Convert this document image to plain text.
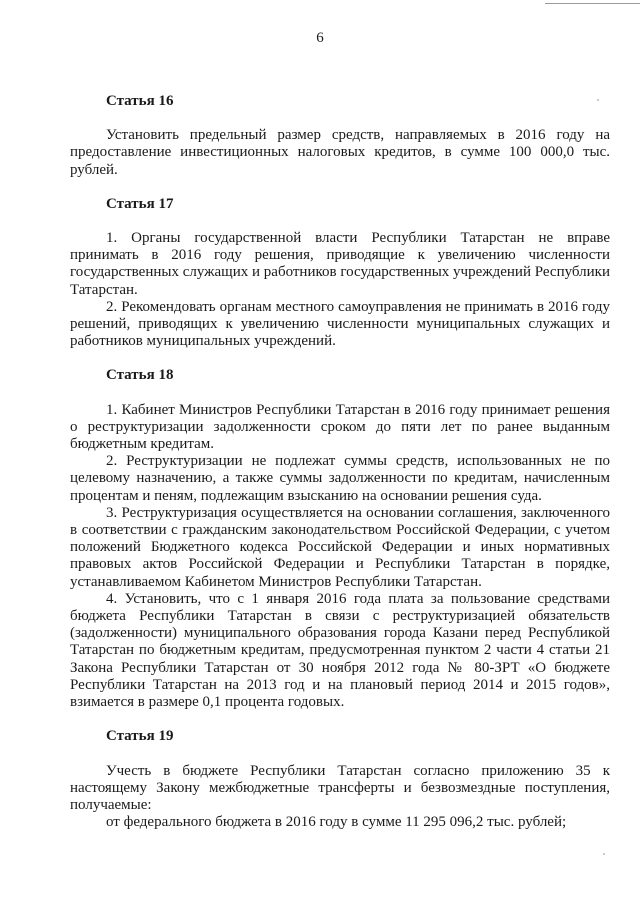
6

Статья 16

Установить предельный размер средств, направляемых в 2016 году на предоставление инвестиционных налоговых кредитов, в сумме 100 000,0 тыс. рублей.

Статья 17

1. Органы государственной власти Республики Татарстан не вправе принимать в 2016 году решения, приводящие к увеличению численности государственных служащих и работников государственных учреждений Республики Татарстан.

2. Рекомендовать органам местного самоуправления не принимать в 2016 году решений, приводящих к увеличению численности муниципальных служащих и работников муниципальных учреждений.

Статья 18

1. Кабинет Министров Республики Татарстан в 2016 году принимает решения о реструктуризации задолженности сроком до пяти лет по ранее выданным бюджетным кредитам.

2. Реструктуризации не подлежат суммы средств, использованных не по целевому назначению, а также суммы задолженности по кредитам, начисленным процентам и пеням, подлежащим взысканию на основании решения суда.

3. Реструктуризация осуществляется на основании соглашения, заключенного в соответствии с гражданским законодательством Российской Федерации, с учетом положений Бюджетного кодекса Российской Федерации и иных нормативных правовых актов Российской Федерации и Республики Татарстан в порядке, устанавливаемом Кабинетом Министров Республики Татарстан.

4. Установить, что с 1 января 2016 года плата за пользование средствами бюджета Республики Татарстан в связи с реструктуризацией обязательств (задолженности) муниципального образования города Казани перед Республикой Татарстан по бюджетным кредитам, предусмотренная пунктом 2 части 4 статьи 21 Закона Республики Татарстан от 30 ноября 2012 года № 80-ЗРТ «О бюджете Республики Татарстан на 2013 год и на плановый период 2014 и 2015 годов», взимается в размере 0,1 процента годовых.

Статья 19

Учесть в бюджете Республики Татарстан согласно приложению 35 к настоящему Закону межбюджетные трансферты и безвозмездные поступления, получаемые:

от федерального бюджета в 2016 году в сумме 11 295 096,2 тыс. рублей;
